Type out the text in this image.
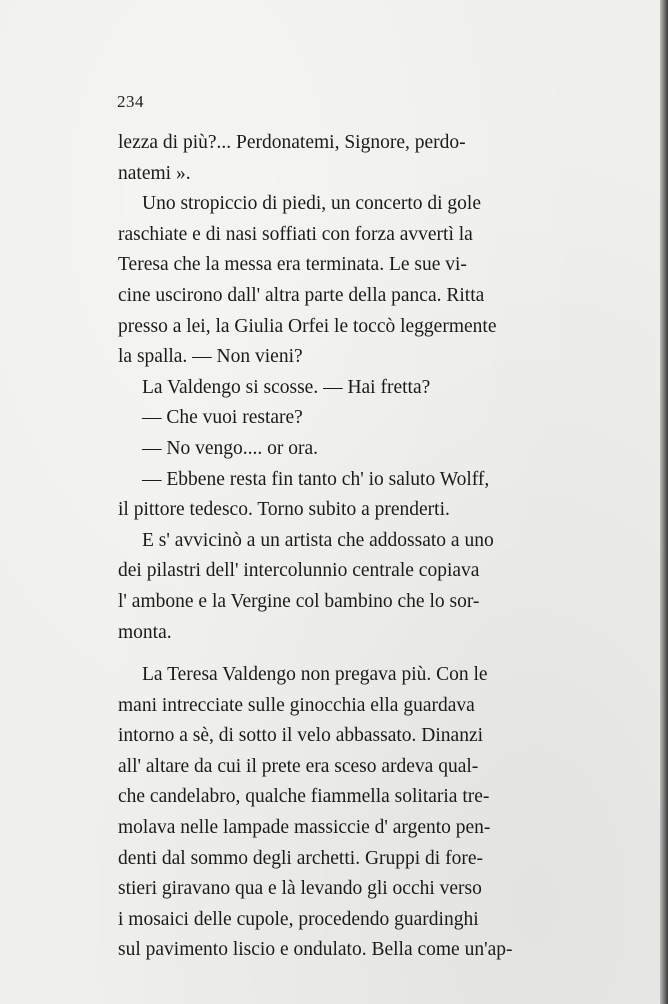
234
lezza di più?... Perdonatemi, Signore, perdo-
natemi ».
Uno stropiccio di piedi, un concerto di gole
raschiate e di nasi soffiati con forza avvertì la
Teresa che la messa era terminata. Le sue vi-
cine uscirono dall' altra parte della panca. Ritta
presso a lei, la Giulia Orfei le toccò leggermente
la spalla. — Non vieni?
La Valdengo si scosse. — Hai fretta?
— Che vuoi restare?
— No vengo.... or ora.
— Ebbene resta fin tanto ch' io saluto Wolff,
il pittore tedesco. Torno subito a prenderti.
E s' avvicinò a un artista che addossato a uno
dei pilastri dell' intercolunnio centrale copiava
l' ambone e la Vergine col bambino che lo sor-
monta.
La Teresa Valdengo non pregava più. Con le
mani intrecciate sulle ginocchia ella guardava
intorno a sè, di sotto il velo abbassato. Dinanzi
all' altare da cui il prete era sceso ardeva qual-
che candelabro, qualche fiammella solitaria tre-
molava nelle lampade massiccie d' argento pen-
denti dal sommo degli archetti. Gruppi di fore-
stieri giravano qua e là levando gli occhi verso
i mosaici delle cupole, procedendo guardinghi
sul pavimento liscio e ondulato. Bella come un'ap-
